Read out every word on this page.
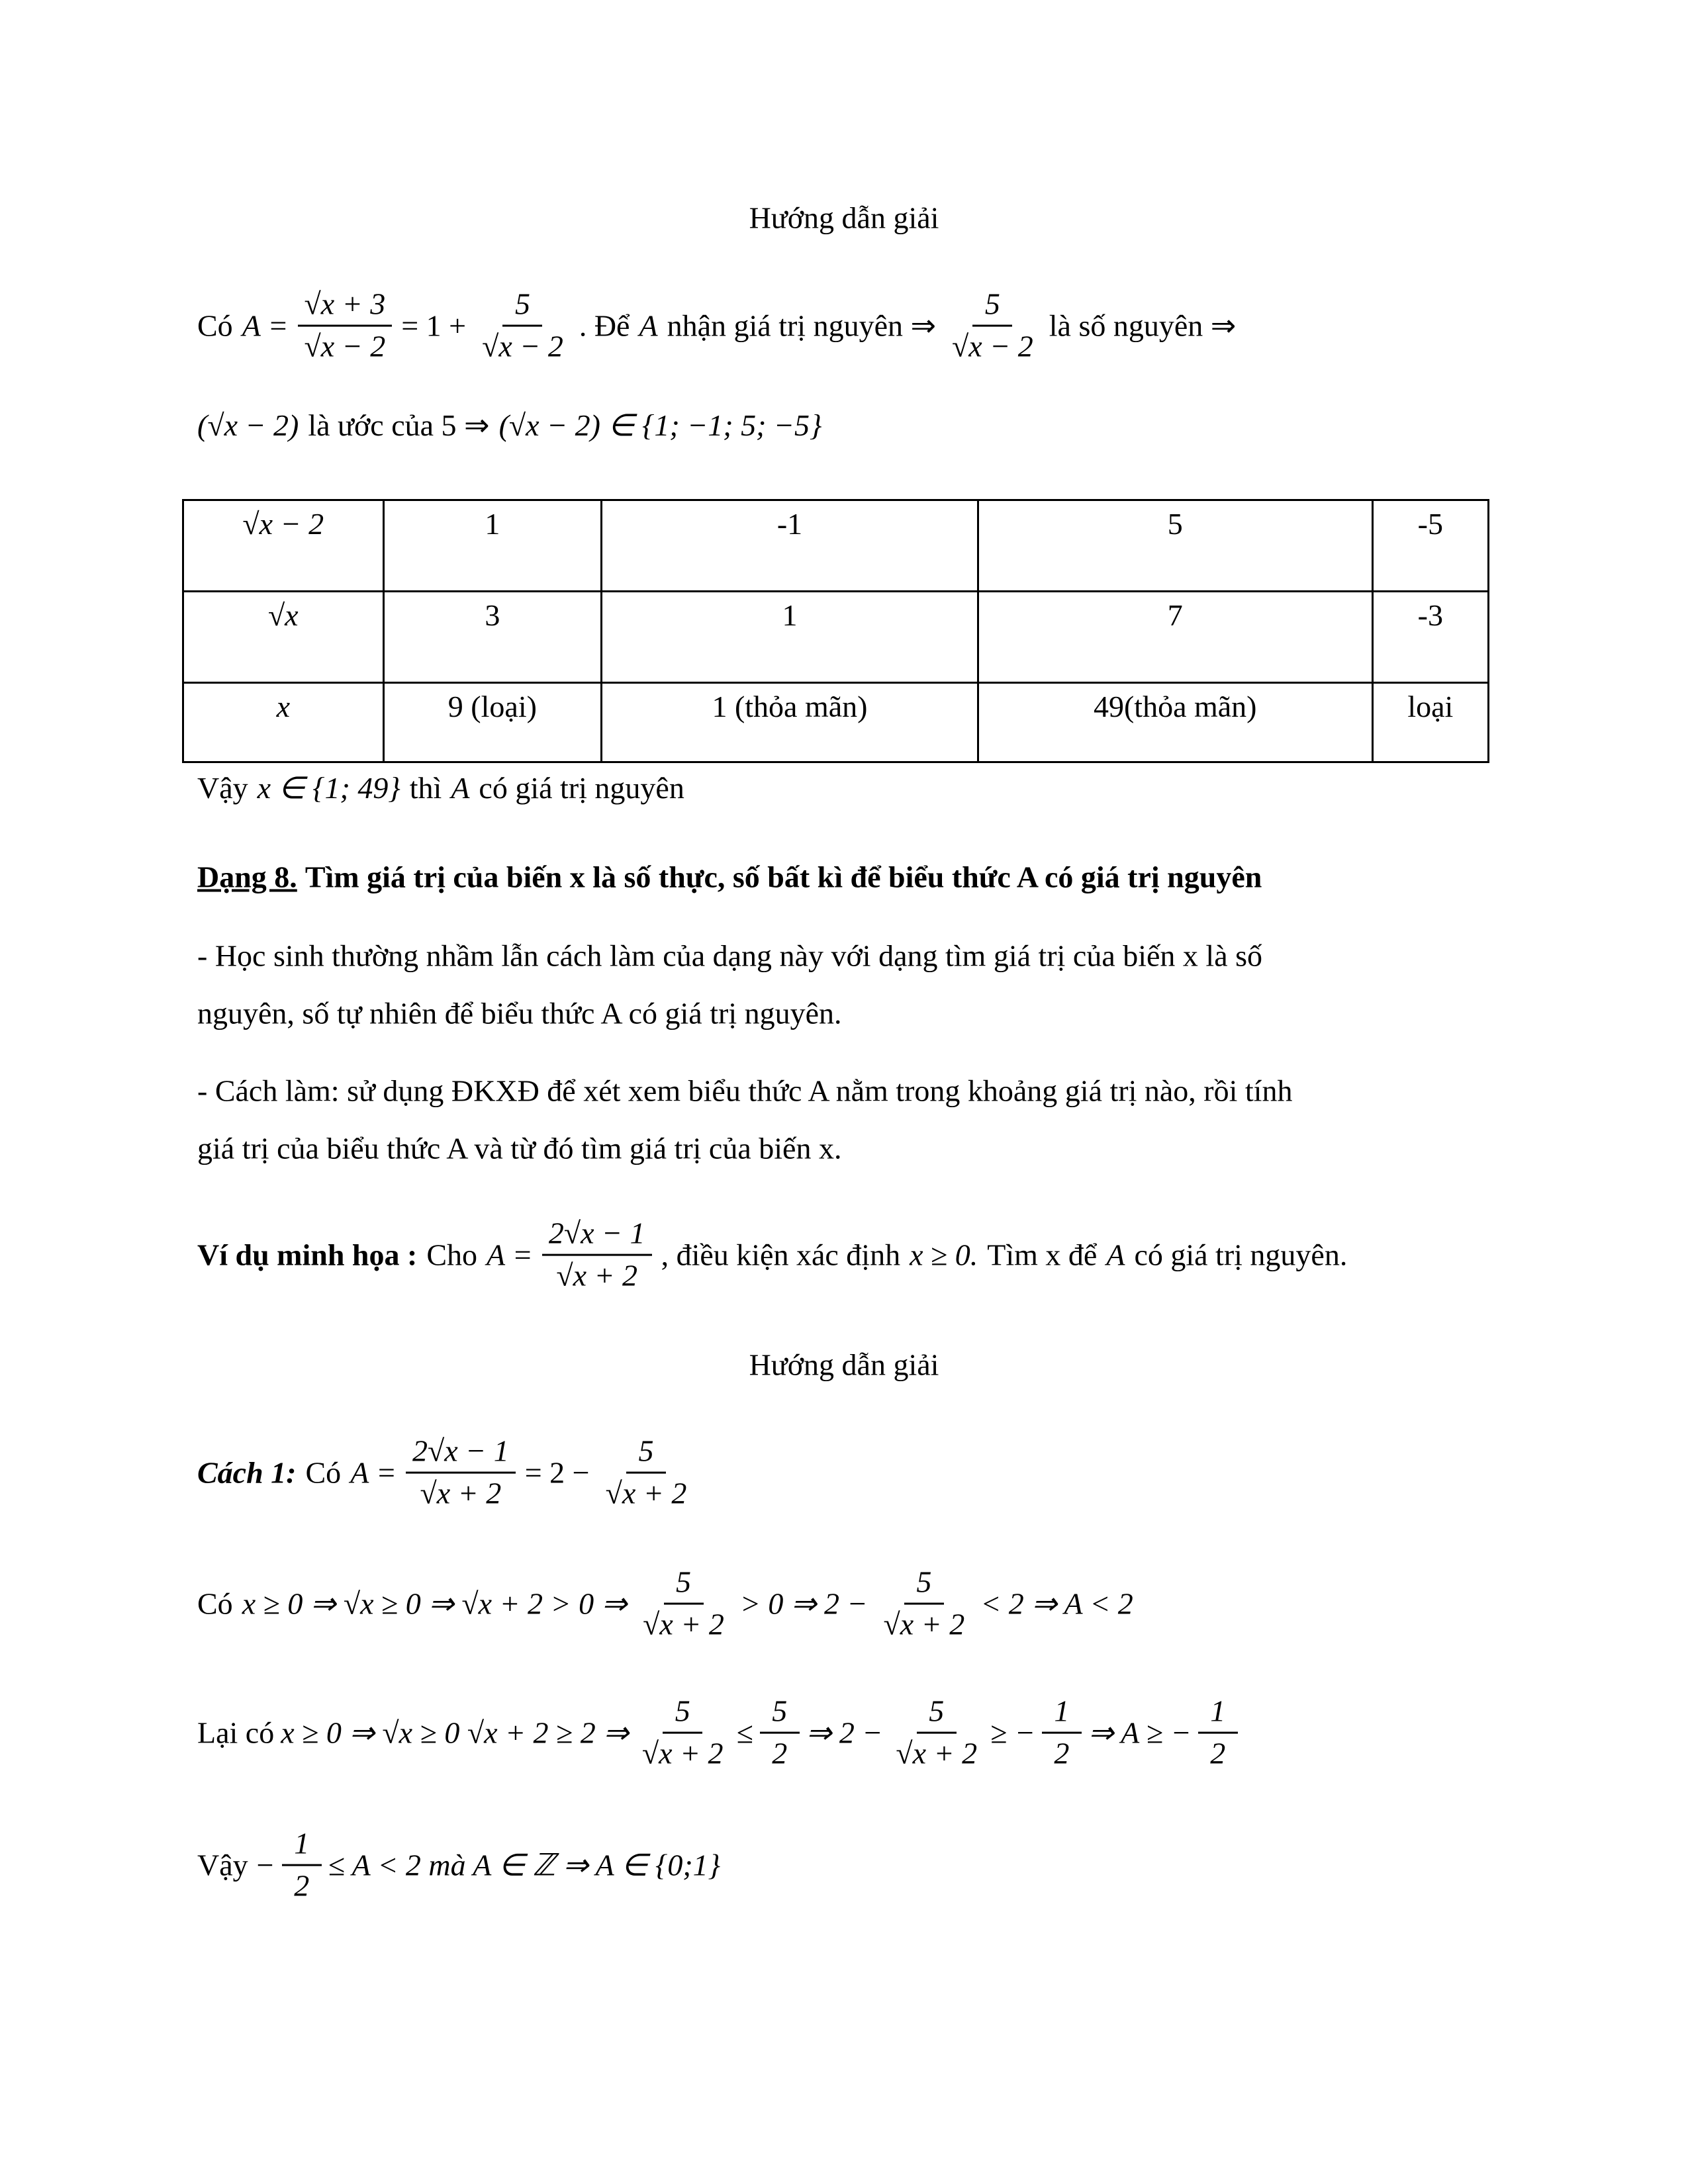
Hướng dẫn giải
Có $A = \frac{√x + 3}{√x - 2} = 1 + \frac{5}{√x - 2}$ . Để A nhận giá trị nguyên ⇒ $\frac{5}{√x - 2}$ là số nguyên ⇒
(√x − 2) là ước của 5 ⇒ (√x − 2) ∈ {1; −1; 5; −5}
√x − 2	1	-1	5	-5
√x	3	1	7	-3
x	9 (loại)	1 (thỏa mãn)	49(thỏa mãn)	loại
Vậy x ∈ {1; 49} thì A có giá trị nguyên
Dạng 8. Tìm giá trị của biến x là số thực, số bất kì để biểu thức A có giá trị nguyên
- Học sinh thường nhầm lẫn cách làm của dạng này với dạng tìm giá trị của biến x là số
nguyên, số tự nhiên để biểu thức A có giá trị nguyên.
- Cách làm: sử dụng ĐKXĐ để xét xem biểu thức A nằm trong khoảng giá trị nào, rồi tính
giá trị của biểu thức A và từ đó tìm giá trị của biến x.
Ví dụ minh họa : Cho $A = \frac{2√x - 1}{√x + 2}$ , điều kiện xác định x ≥ 0. Tìm x để A có giá trị nguyên.
Hướng dẫn giải
Cách 1: Có $A = \frac{2√x - 1}{√x + 2} = 2 - \frac{5}{√x + 2}$
Có x ≥ 0 ⇒ √x ≥ 0 ⇒ √x + 2 > 0 ⇒ $\frac{5}{√x + 2} > 0$ ⇒ $2 - \frac{5}{√x + 2} < 2$ ⇒ A < 2
Lại có x ≥ 0 ⇒ √x ≥ 0 √x + 2 ≥ 2 ⇒ $\frac{5}{√x + 2} \le \frac{5}{2}$ ⇒ $2 - \frac{5}{√x + 2}$ ≥ − $\frac{1}{2}$ ⇒ A ≥ − $\frac{1}{2}$
Vậy − $\frac{1}{2} \le A < 2$ mà A ∈ ℤ ⇒ A ∈ {0;1}
